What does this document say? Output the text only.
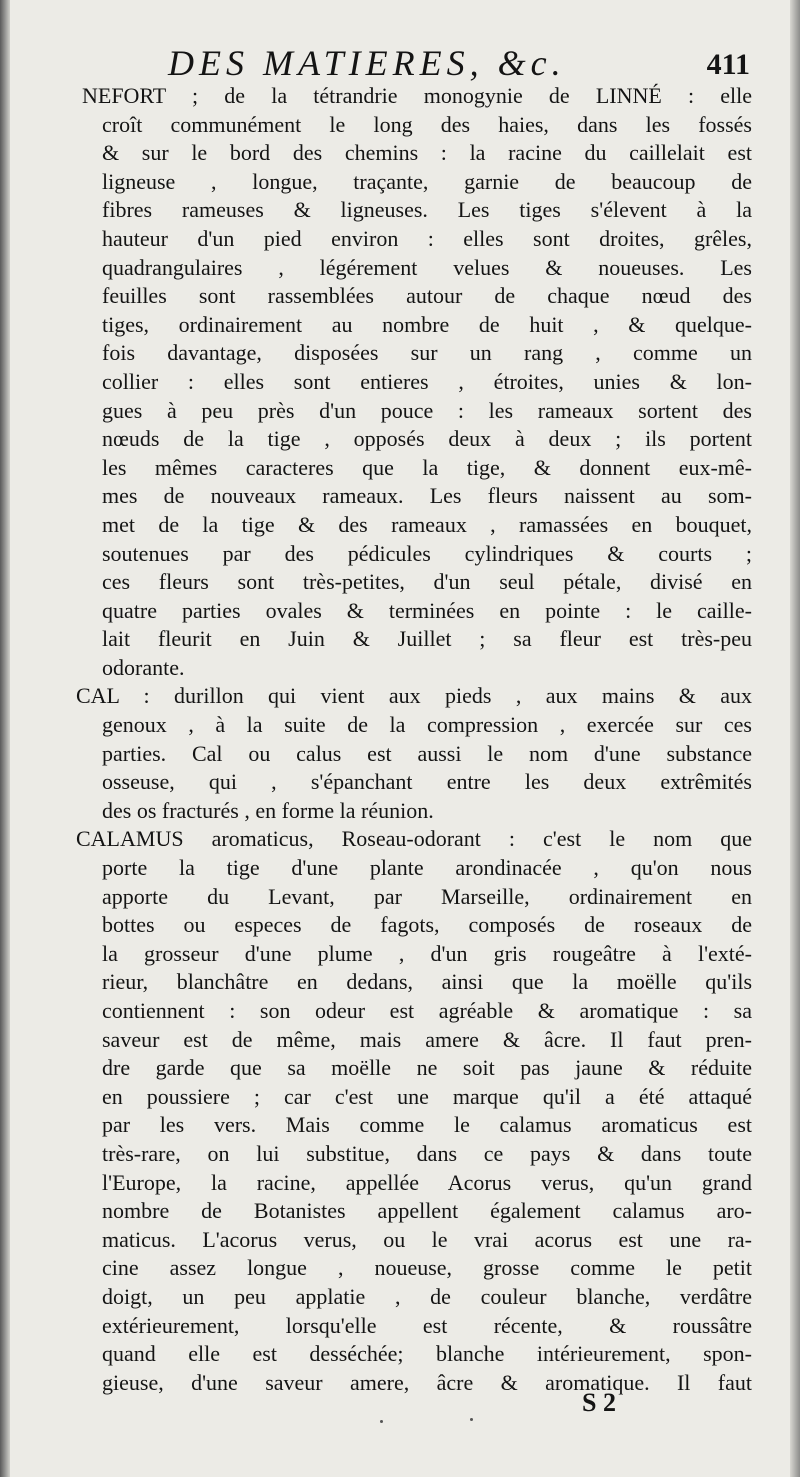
DES MATIERES, &c.	411
NEFORT ; de la tétrandrie monogynie de LINNÉ : elle
croît communément le long des haies, dans les fossés
& sur le bord des chemins : la racine du caillelait est
ligneuse , longue, traçante, garnie de beaucoup de
fibres rameuses & ligneuses. Les tiges s'élevent à la
hauteur d'un pied environ : elles sont droites, grêles,
quadrangulaires , légérement velues & noueuses. Les
feuilles sont rassemblées autour de chaque nœud des
tiges, ordinairement au nombre de huit , & quelque-
fois davantage, disposées sur un rang , comme un
collier : elles sont entieres , étroites, unies & lon-
gues à peu près d'un pouce : les rameaux sortent des
nœuds de la tige , opposés deux à deux ; ils portent
les mêmes caracteres que la tige, & donnent eux-mê-
mes de nouveaux rameaux. Les fleurs naissent au som-
met de la tige & des rameaux , ramassées en bouquet,
soutenues par des pédicules cylindriques & courts ;
ces fleurs sont très-petites, d'un seul pétale, divisé en
quatre parties ovales & terminées en pointe : le caille-
lait fleurit en Juin & Juillet ; sa fleur est très-peu
odorante.
CAL : durillon qui vient aux pieds , aux mains & aux
genoux , à la suite de la compression , exercée sur ces
parties. Cal ou calus est aussi le nom d'une substance
osseuse, qui , s'épanchant entre les deux extrêmités
des os fracturés , en forme la réunion.
CALAMUS aromaticus, Roseau-odorant : c'est le nom que
porte la tige d'une plante arondinacée , qu'on nous
apporte du Levant, par Marseille, ordinairement en
bottes ou especes de fagots, composés de roseaux de
la grosseur d'une plume , d'un gris rougeâtre à l'exté-
rieur, blanchâtre en dedans, ainsi que la moëlle qu'ils
contiennent : son odeur est agréable & aromatique : sa
saveur est de même, mais amere & âcre. Il faut pren-
dre garde que sa moëlle ne soit pas jaune & réduite
en poussiere ; car c'est une marque qu'il a été attaqué
par les vers. Mais comme le calamus aromaticus est
très-rare, on lui substitue, dans ce pays & dans toute
l'Europe, la racine, appellée Acorus verus, qu'un grand
nombre de Botanistes appellent également calamus aro-
maticus. L'acorus verus, ou le vrai acorus est une ra-
cine assez longue , noueuse, grosse comme le petit
doigt, un peu applatie , de couleur blanche, verdâtre
extérieurement, lorsqu'elle est récente, & roussâtre
quand elle est desséchée; blanche intérieurement, spon-
gieuse, d'une saveur amere, âcre & aromatique. Il faut
S 2
